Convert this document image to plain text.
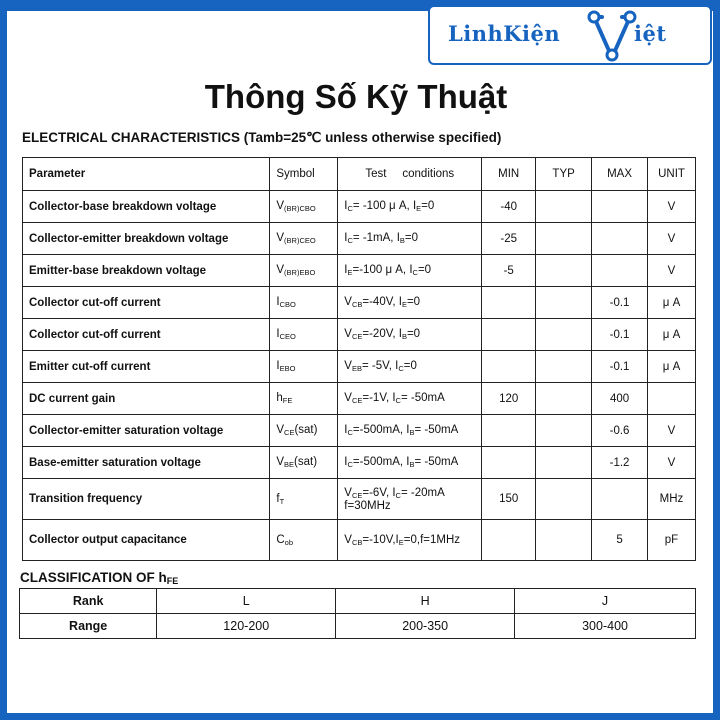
LinhKiện	iệt
Thông Số Kỹ Thuật
ELECTRICAL CHARACTERISTICS (Tamb=25℃ unless otherwise specified)
Parameter	Symbol	Test     conditions	MIN	TYP	MAX	UNIT
Collector-base breakdown voltage	$V_{(BR)CBO}$	$I_C= -100$ μ A, $I_E=0$	-40			V
Collector-emitter breakdown voltage	$V_{(BR)CEO}$	$I_C= -1mA$, $I_B=0$	-25			V
Emitter-base breakdown voltage	$V_{(BR)EBO}$	$I_E=-100$ μ A, $I_C=0$	-5			V
Collector cut-off current	$I_{CBO}$	$V_{CB}=-40V$, $I_E=0$			-0.1	μ A
Collector cut-off current	$I_{CEO}$	$V_{CE}=-20V$, $I_B=0$			-0.1	μ A
Emitter cut-off current	$I_{EBO}$	$V_{EB}= -5V$, $I_C=0$			-0.1	μ A
DC current gain	$h_{FE}$	$V_{CE}=-1V$, $I_C= -50mA$	120		400	
Collector-emitter saturation voltage	$V_{CE}(sat)$	$I_C=-500mA$, $I_B= -50mA$			-0.6	V
Base-emitter saturation voltage	$V_{BE}(sat)$	$I_C=-500mA$, $I_B= -50mA$			-1.2	V
Transition frequency	$f_T$	$V_{CE}=-6V$, $I_C= -20mA$
f=30MHz	150			MHz
Collector output capacitance	$C_{ob}$	$V_{CB}=-10V,I_E=0,f=1MHz$			5	pF
CLASSIFICATION OF $h_{FE}$
Rank	L	H	J
Range	120-200	200-350	300-400
